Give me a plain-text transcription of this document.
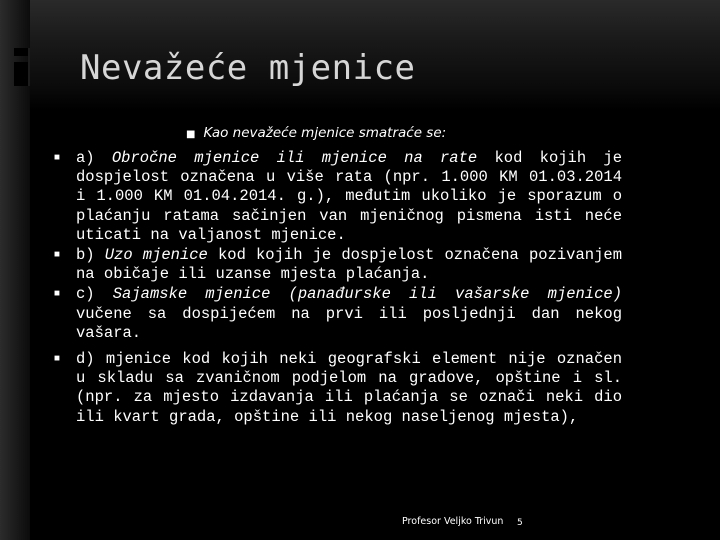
Nevažeće mjenice
■ Kao nevažeće mjenice smatraće se:
■ a) Obročne mjenice ili mjenice na rate kod kojih je dospjelost označena u više rata (npr. 1.000 KM 01.03.2014 i 1.000 KM 01.04.2014. g.), međutim ukoliko je sporazum o plaćanju ratama sačinjen van mjeničnog pismena isti neće uticati na valjanost mjenice.
■ b) Uzo mjenice kod kojih je dospjelost označena pozivanjem na običaje ili uzanse mjesta plaćanja.
■ c) Sajamske mjenice (panađurske ili vašarske mjenice) vučene sa dospijećem na prvi ili posljednji dan nekog vašara.
■ d) mjenice kod kojih neki geografski element nije označen u skladu sa zvaničnom podjelom na gradove, opštine i sl. (npr. za mjesto izdavanja ili plaćanja se označi neki dio ili kvart grada, opštine ili nekog naseljenog mjesta),
Profesor Veljko Trivun 5
